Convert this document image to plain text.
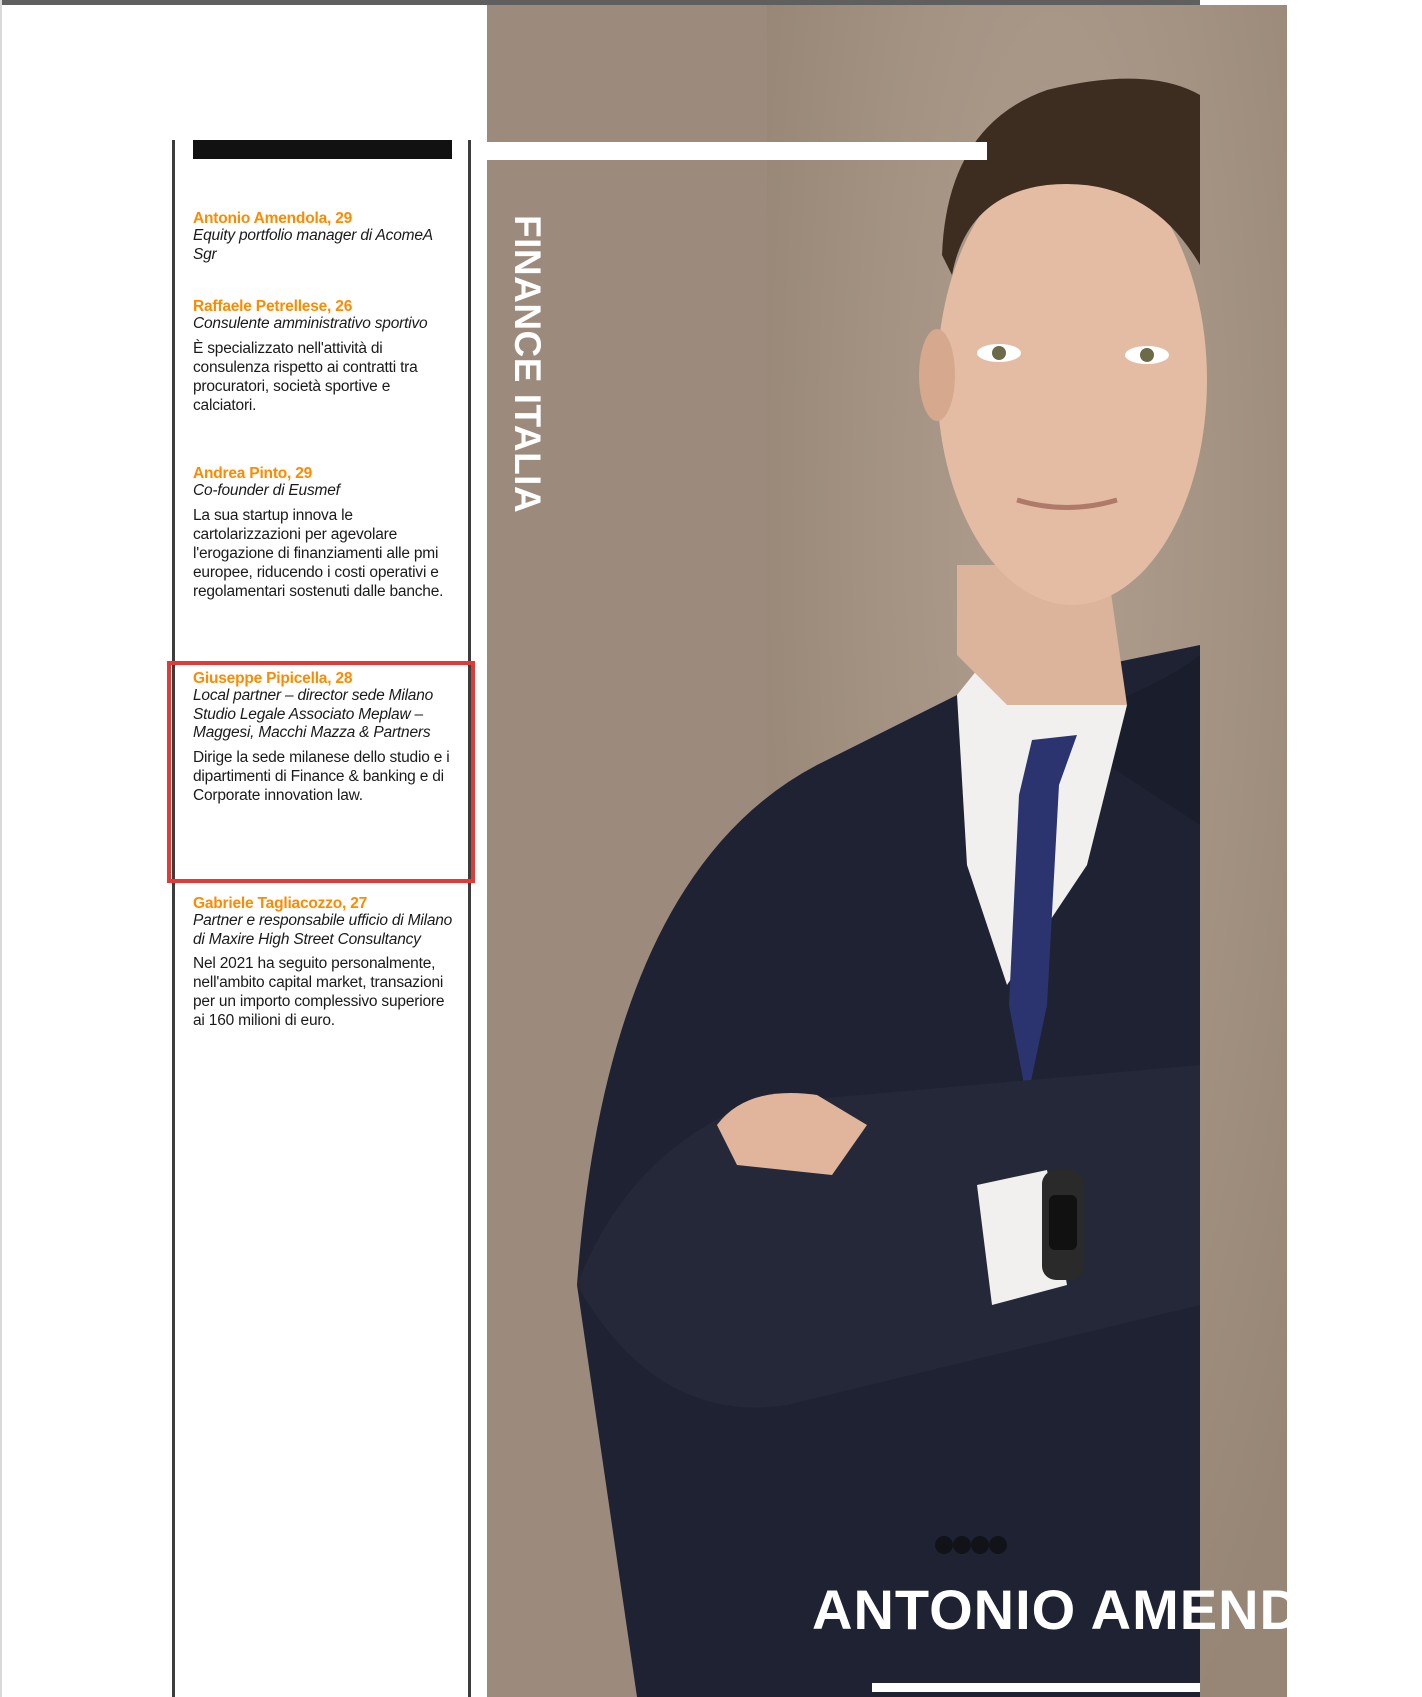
Antonio Amendola, 29
Equity portfolio manager di AcomeA Sgr
Raffaele Petrellese, 26
Consulente amministrativo sportivo
È specializzato nell'attività di consulenza rispetto ai contratti tra procuratori, società sportive e calciatori.
Andrea Pinto, 29
Co-founder di Eusmef
La sua startup innova le cartolarizzazioni per agevolare l'erogazione di finanziamenti alle pmi europee, riducendo i costi operativi e regolamentari sostenuti dalle banche.
Giuseppe Pipicella, 28
Local partner – director sede Milano Studio Legale Associato Meplaw – Maggesi, Macchi Mazza & Partners
Dirige la sede milanese dello studio e i dipartimenti di Finance & banking e di Corporate innovation law.
Gabriele Tagliacozzo, 27
Partner e responsabile ufficio di Milano di Maxire High Street Consultancy
Nel 2021 ha seguito personalmente, nell'ambito capital market, transazioni per un importo complessivo superiore ai 160 milioni di euro.
FINANCE ITALIA
ANTONIO AMENDOLA
